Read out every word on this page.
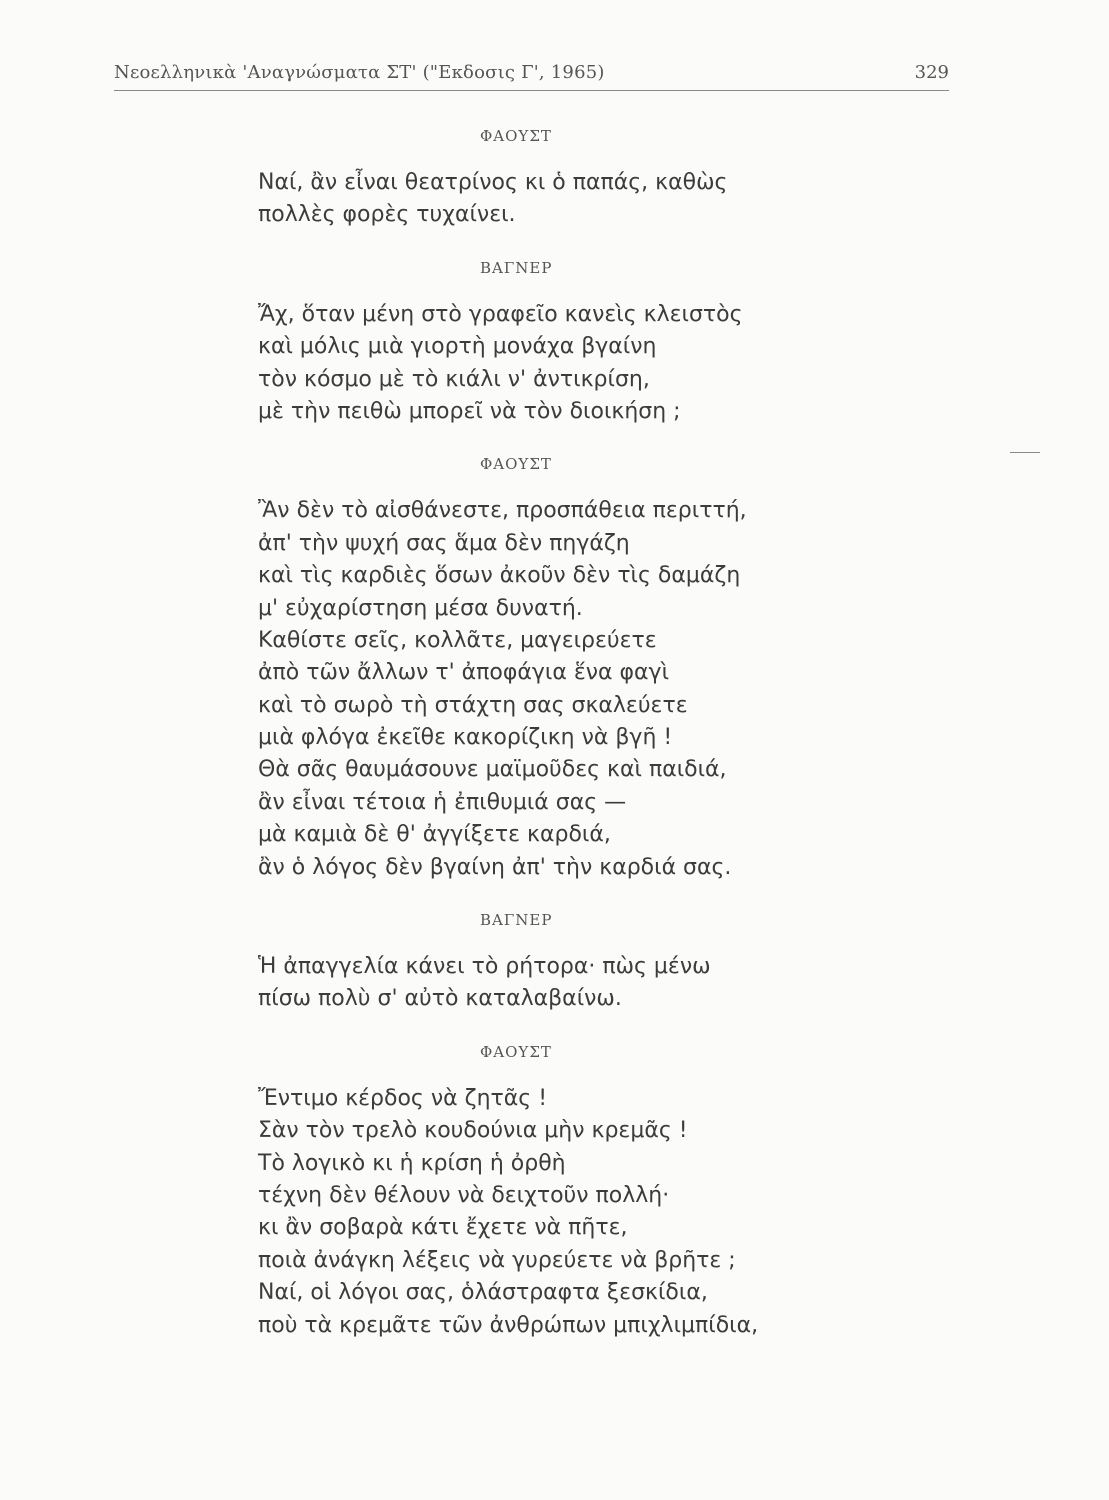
Νεοελληνικὰ 'Αναγνώσματα ΣΤ' ("Εκδοσις Γ', 1965)	329
ΦΑΟΥΣΤ
Ναί, ἂν εἶναι θεατρίνος κι ὁ παπάς, καθὼς
πολλὲς φορὲς τυχαίνει.
ΒΑΓΝΕΡ
Ἄχ, ὅταν μένη στὸ γραφεῖο κανεὶς κλειστὸς
καὶ μόλις μιὰ γιορτὴ μονάχα βγαίνη
τὸν κόσμο μὲ τὸ κιάλι ν' ἀντικρίση,
μὲ τὴν πειθὼ μπορεῖ νὰ τὸν διοικήση ;
ΦΑΟΥΣΤ
Ἂν δὲν τὸ αἰσθάνεστε, προσπάθεια περιττή,
ἀπ' τὴν ψυχή σας ἅμα δὲν πηγάζη
καὶ τὶς καρδιὲς ὅσων ἀκοῦν δὲν τὶς δαμάζη
μ' εὐχαρίστηση μέσα δυνατή.
Καθίστε σεῖς, κολλᾶτε, μαγειρεύετε
ἀπὸ τῶν ἄλλων τ' ἀποφάγια ἕνα φαγὶ
καὶ τὸ σωρὸ τὴ στάχτη σας σκαλεύετε
μιὰ φλόγα ἐκεῖθε κακορίζικη νὰ βγῆ !
Θὰ σᾶς θαυμάσουνε μαϊμοῦδες καὶ παιδιά,
ἂν εἶναι τέτοια ἡ ἐπιθυμιά σας —
μὰ καμιὰ δὲ θ' ἀγγίξετε καρδιά,
ἂν ὁ λόγος δὲν βγαίνη ἀπ' τὴν καρδιά σας.
ΒΑΓΝΕΡ
Ἡ ἀπαγγελία κάνει τὸ ρήτορα· πὼς μένω
πίσω πολὺ σ' αὐτὸ καταλαβαίνω.
ΦΑΟΥΣΤ
Ἔντιμο κέρδος νὰ ζητᾶς !
Σὰν τὸν τρελὸ κουδούνια μὴν κρεμᾶς !
Τὸ λογικὸ κι ἡ κρίση ἡ ὀρθὴ
τέχνη δὲν θέλουν νὰ δειχτοῦν πολλή·
κι ἂν σοβαρὰ κάτι ἔχετε νὰ πῆτε,
ποιὰ ἀνάγκη λέξεις νὰ γυρεύετε νὰ βρῆτε ;
Ναί, οἱ λόγοι σας, ὁλάστραφτα ξεσκίδια,
ποὺ τὰ κρεμᾶτε τῶν ἀνθρώπων μπιχλιμπίδια,
